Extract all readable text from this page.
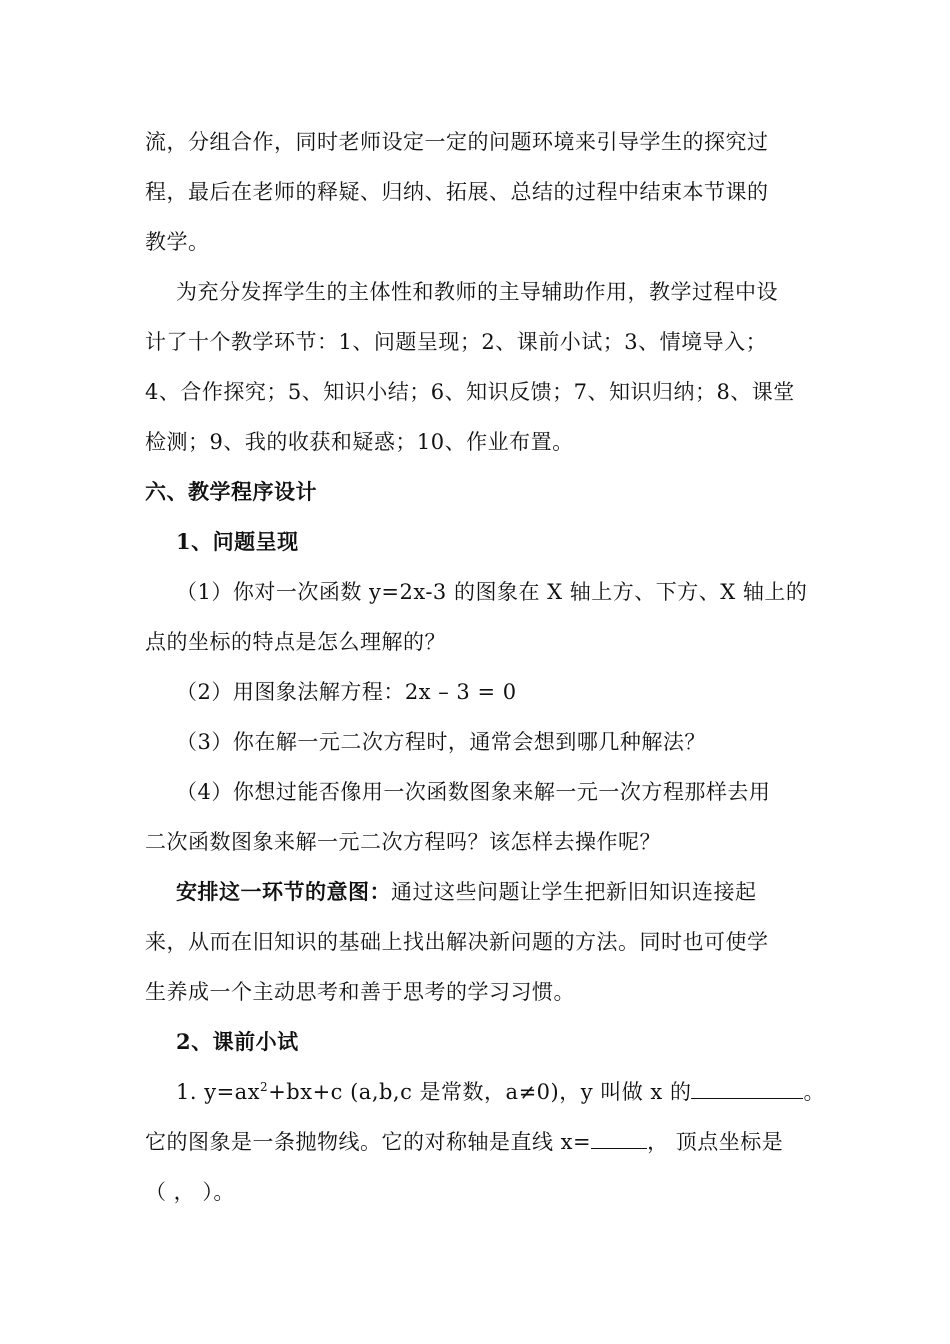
流，分组合作，同时老师设定一定的问题环境来引导学生的探究过
程，最后在老师的释疑、归纳、拓展、总结的过程中结束本节课的
教学。
为充分发挥学生的主体性和教师的主导辅助作用，教学过程中设
计了十个教学环节：1、问题呈现；2、课前小试；3、情境导入；
4、合作探究；5、知识小结；6、知识反馈；7、知识归纳；8、课堂
检测；9、我的收获和疑惑；10、作业布置。
六、教学程序设计
1、问题呈现
（1）你对一次函数 y=2x-3 的图象在 X 轴上方、下方、X 轴上的
点的坐标的特点是怎么理解的？
（2）用图象法解方程：2x – 3 = 0
（3）你在解一元二次方程时，通常会想到哪几种解法？
（4）你想过能否像用一次函数图象来解一元一次方程那样去用
二次函数图象来解一元二次方程吗？该怎样去操作呢？
安排这一环节的意图：通过这些问题让学生把新旧知识连接起
来，从而在旧知识的基础上找出解决新问题的方法。同时也可使学
生养成一个主动思考和善于思考的学习习惯。
2、课前小试
1. $y=ax^2+bx+c$ (a,b,c 是常数，a≠0)，y 叫做 x 的	。
它的图象是一条抛物线。它的对称轴是直线 x=	， 顶点坐标是
（ ， ）。
